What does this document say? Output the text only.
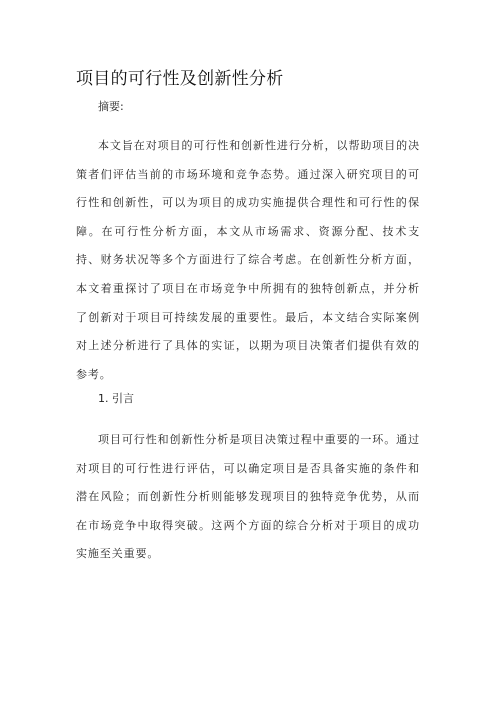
项目的可行性及创新性分析
摘要:
本文旨在对项目的可行性和创新性进行分析，以帮助项目的决策者们评估当前的市场环境和竞争态势。通过深入研究项目的可行性和创新性，可以为项目的成功实施提供合理性和可行性的保障。在可行性分析方面，本文从市场需求、资源分配、技术支持、财务状况等多个方面进行了综合考虑。在创新性分析方面，本文着重探讨了项目在市场竞争中所拥有的独特创新点，并分析了创新对于项目可持续发展的重要性。最后，本文结合实际案例对上述分析进行了具体的实证，以期为项目决策者们提供有效的参考。
1. 引言
项目可行性和创新性分析是项目决策过程中重要的一环。通过对项目的可行性进行评估，可以确定项目是否具备实施的条件和潜在风险；而创新性分析则能够发现项目的独特竞争优势，从而在市场竞争中取得突破。这两个方面的综合分析对于项目的成功实施至关重要。
